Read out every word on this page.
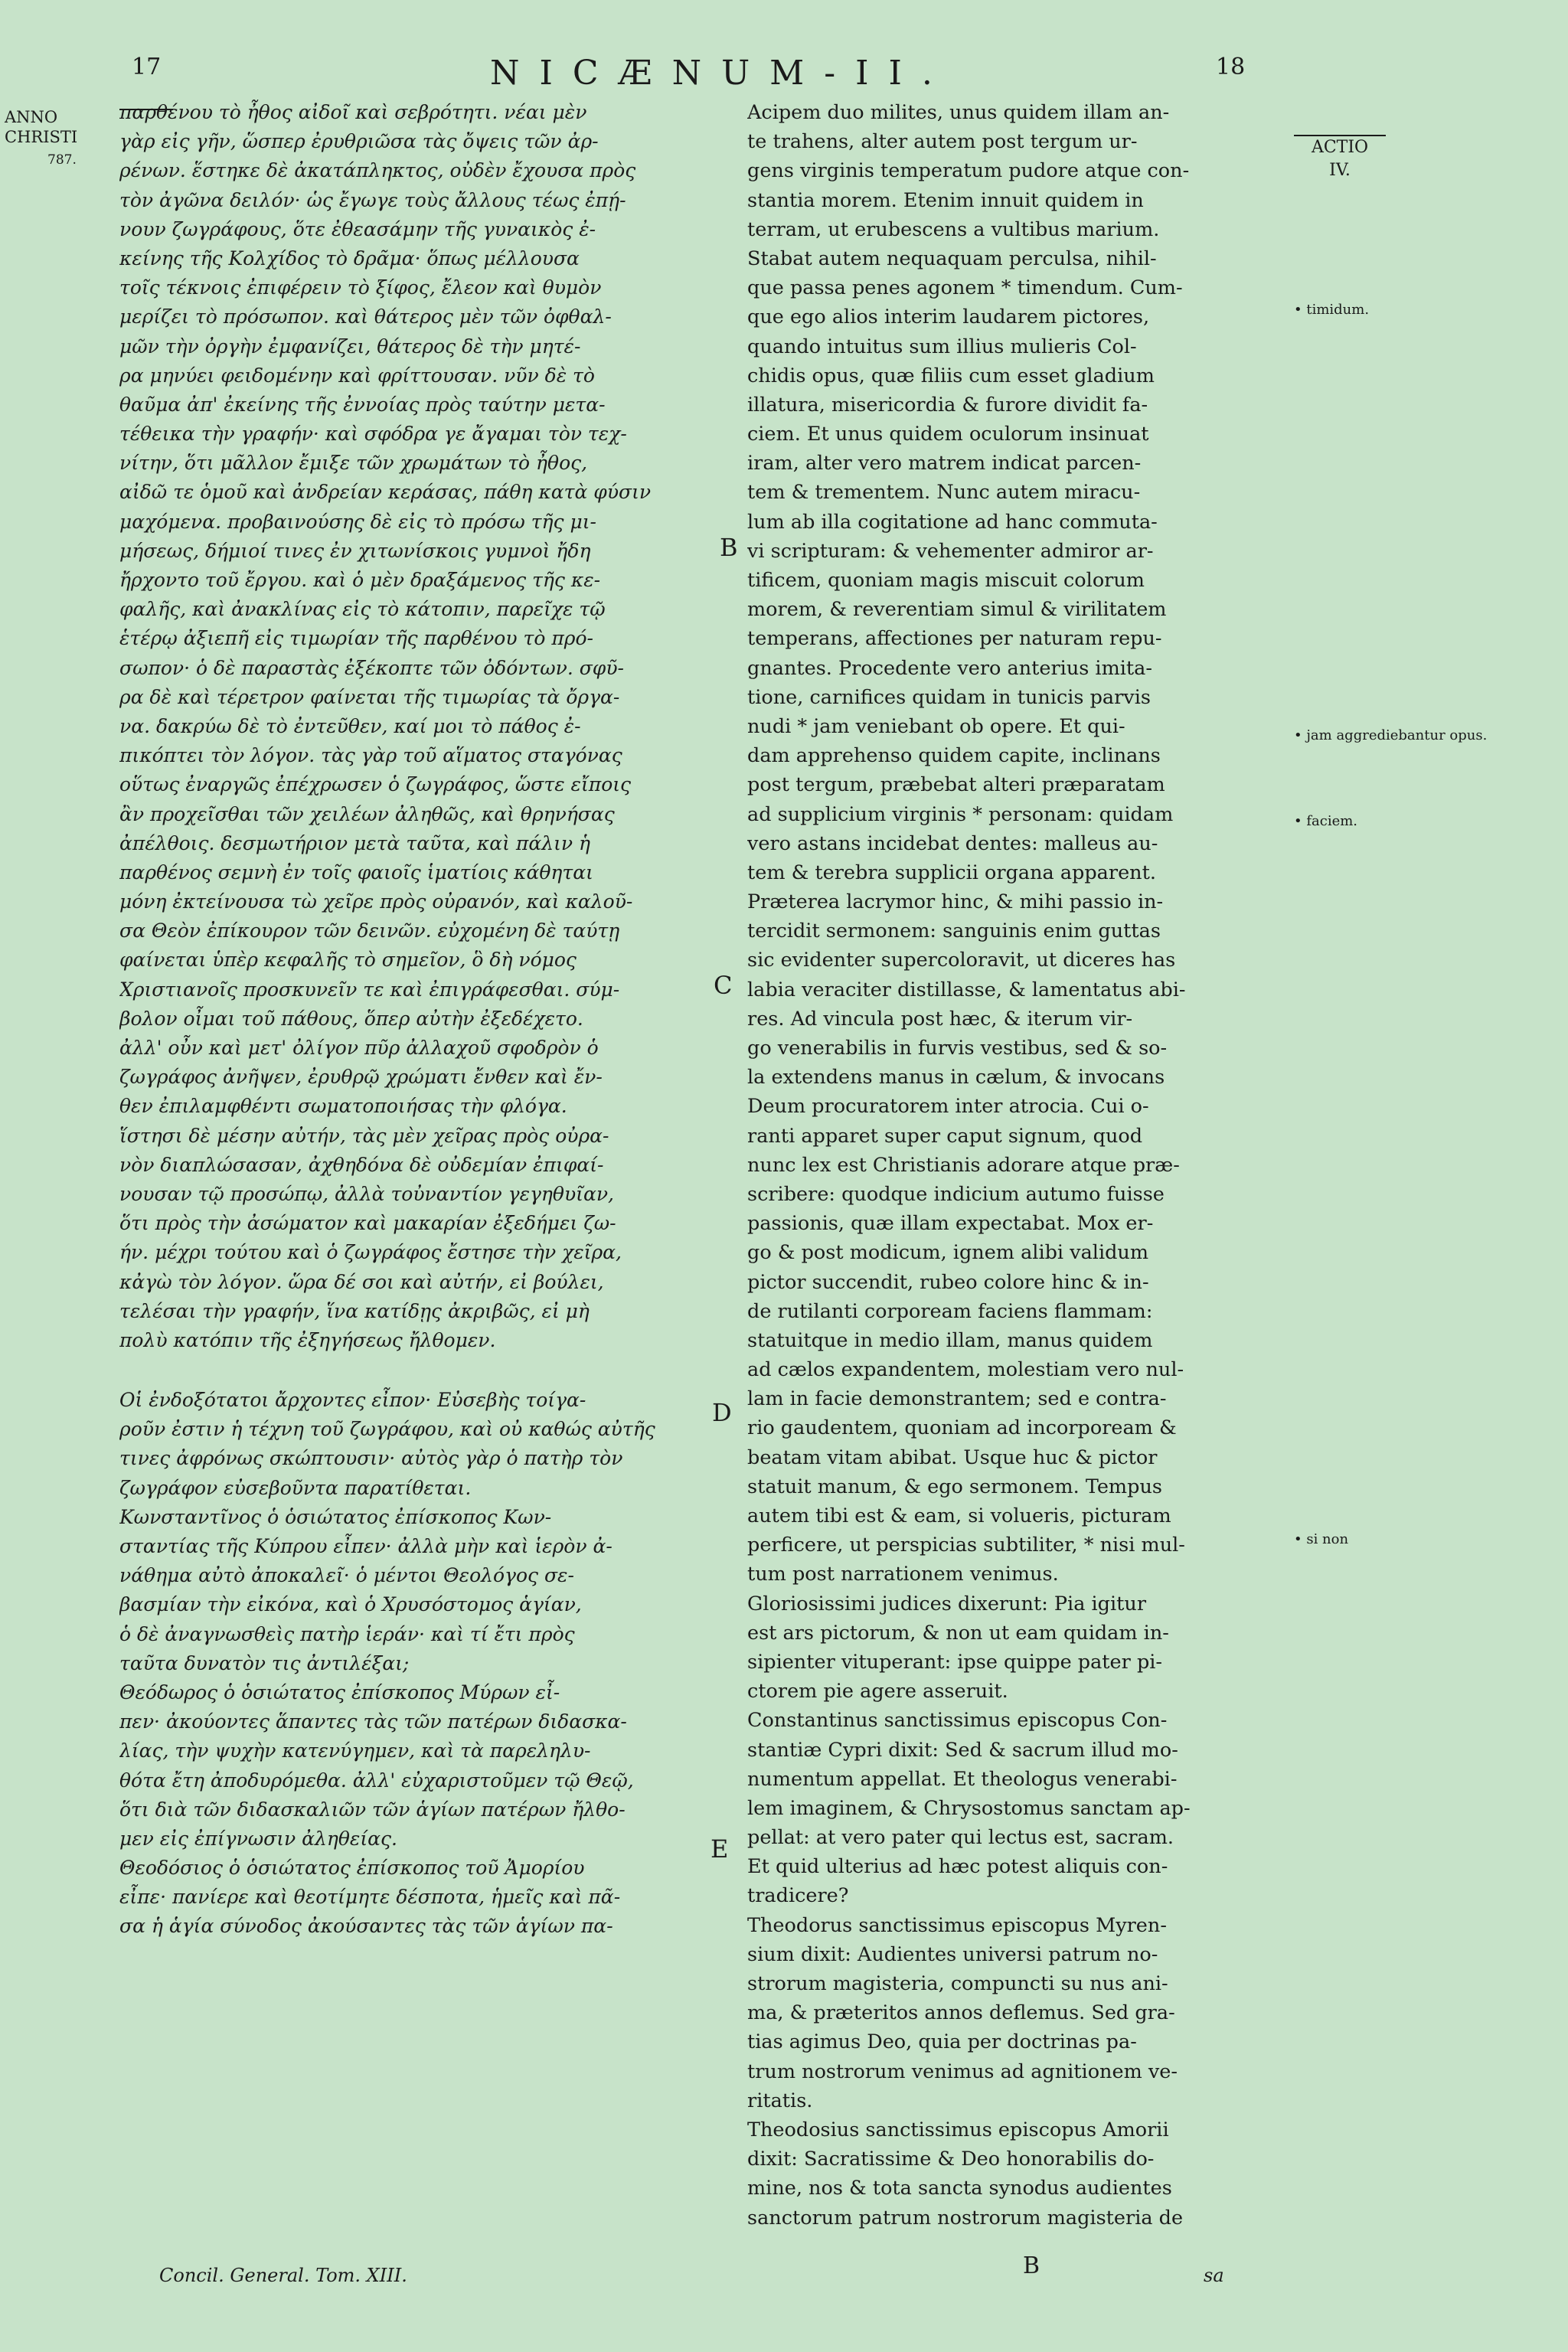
17	NICÆNUM-II.	18
ANNO
CHRISTI
787.
ACTIO
IV.
παρθένου τὸ ἦθος αἰδοῖ καὶ σεβρότητι. νέαι μὲν
γὰρ εἰς γῆν, ὥσπερ ἐρυθριῶσα τὰς ὄψεις τῶν ἀρ-
ρένων. ἕστηκε δὲ ἀκατάπληκτος, οὐδὲν ἔχουσα πρὸς
τὸν ἀγῶνα δειλόν· ὡς ἔγωγε τοὺς ἄλλους τέως ἐπῄ-
νουν ζωγράφους, ὅτε ἐθεασάμην τῆς γυναικὸς ἐ-
κείνης τῆς Κολχίδος τὸ δρᾶμα· ὅπως μέλλουσα
τοῖς τέκνοις ἐπιφέρειν τὸ ξίφος, ἔλεον καὶ θυμὸν
μερίζει τὸ πρόσωπον. καὶ θάτερος μὲν τῶν ὀφθαλ-
μῶν τὴν ὀργὴν ἐμφανίζει, θάτερος δὲ τὴν μητέ-
ρα μηνύει φειδομένην καὶ φρίττουσαν. νῦν δὲ τὸ
θαῦμα ἀπ' ἐκείνης τῆς ἐννοίας πρὸς ταύτην μετα-
τέθεικα τὴν γραφήν· καὶ σφόδρα γε ἄγαμαι τὸν τεχ-
νίτην, ὅτι μᾶλλον ἔμιξε τῶν χρωμάτων τὸ ἦθος,
αἰδῶ τε ὁμοῦ καὶ ἀνδρείαν κεράσας, πάθη κατὰ φύσιν
μαχόμενα. προβαινούσης δὲ εἰς τὸ πρόσω τῆς μι-
μήσεως, δήμιοί τινες ἐν χιτωνίσκοις γυμνοὶ ἤδη
ἤρχοντο τοῦ ἔργου. καὶ ὁ μὲν δραξάμενος τῆς κε-
φαλῆς, καὶ ἀνακλίνας εἰς τὸ κάτοπιν, παρεῖχε τῷ
ἑτέρῳ ἀξιεπῆ εἰς τιμωρίαν τῆς παρθένου τὸ πρό-
σωπον· ὁ δὲ παραστὰς ἐξέκοπτε τῶν ὀδόντων. σφῦ-
ρα δὲ καὶ τέρετρον φαίνεται τῆς τιμωρίας τὰ ὄργα-
να. δακρύω δὲ τὸ ἐντεῦθεν, καί μοι τὸ πάθος ἐ-
πικόπτει τὸν λόγον. τὰς γὰρ τοῦ αἵματος σταγόνας
οὕτως ἐναργῶς ἐπέχρωσεν ὁ ζωγράφος, ὥστε εἴποις
ἂν προχεῖσθαι τῶν χειλέων ἀληθῶς, καὶ θρηνήσας
ἀπέλθοις. δεσμωτήριον μετὰ ταῦτα, καὶ πάλιν ἡ
παρθένος σεμνὴ ἐν τοῖς φαιοῖς ἱματίοις κάθηται
μόνη ἐκτείνουσα τὼ χεῖρε πρὸς οὐρανόν, καὶ καλοῦ-
σα Θεὸν ἐπίκουρον τῶν δεινῶν. εὐχομένη δὲ ταύτῃ
φαίνεται ὑπὲρ κεφαλῆς τὸ σημεῖον, ὃ δὴ νόμος
Χριστιανοῖς προσκυνεῖν τε καὶ ἐπιγράφεσθαι. σύμ-
βολον οἶμαι τοῦ πάθους, ὅπερ αὐτὴν ἐξεδέχετο.
ἀλλ' οὖν καὶ μετ' ὀλίγον πῦρ ἀλλαχοῦ σφοδρὸν ὁ
ζωγράφος ἀνῆψεν, ἐρυθρῷ χρώματι ἔνθεν καὶ ἔν-
θεν ἐπιλαμφθέντι σωματοποιήσας τὴν φλόγα.
ἵστησι δὲ μέσην αὐτήν, τὰς μὲν χεῖρας πρὸς οὐρα-
νὸν διαπλώσασαν, ἀχθηδόνα δὲ οὐδεμίαν ἐπιφαί-
νουσαν τῷ προσώπῳ, ἀλλὰ τοὐναντίον γεγηθυῖαν,
ὅτι πρὸς τὴν ἀσώματον καὶ μακαρίαν ἐξεδήμει ζω-
ήν. μέχρι τούτου καὶ ὁ ζωγράφος ἔστησε τὴν χεῖρα,
κἀγὼ τὸν λόγον. ὥρα δέ σοι καὶ αὐτήν, εἰ βούλει,
τελέσαι τὴν γραφήν, ἵνα κατίδῃς ἀκριβῶς, εἰ μὴ
πολὺ κατόπιν τῆς ἐξηγήσεως ἤλθομεν.
Οἱ ἐνδοξότατοι ἄρχοντες εἶπον· Εὐσεβὴς τοίγα-
ροῦν ἐστιν ἡ τέχνη τοῦ ζωγράφου, καὶ οὐ καθώς αὐτῆς
τινες ἀφρόνως σκώπτουσιν· αὐτὸς γὰρ ὁ πατὴρ τὸν
ζωγράφον εὐσεβοῦντα παρατίθεται.
Κωνσταντῖνος ὁ ὁσιώτατος ἐπίσκοπος Κων-
σταντίας τῆς Κύπρου εἶπεν· ἀλλὰ μὴν καὶ ἱερὸν ἀ-
νάθημα αὐτὸ ἀποκαλεῖ· ὁ μέντοι Θεολόγος σε-
βασμίαν τὴν εἰκόνα, καὶ ὁ Χρυσόστομος ἁγίαν,
ὁ δὲ ἀναγνωσθεὶς πατὴρ ἱεράν· καὶ τί ἔτι πρὸς
ταῦτα δυνατὸν τις ἀντιλέξαι;
Θεόδωρος ὁ ὁσιώτατος ἐπίσκοπος Μύρων εἶ-
πεν· ἀκούοντες ἅπαντες τὰς τῶν πατέρων διδασκα-
λίας, τὴν ψυχὴν κατενύγημεν, καὶ τὰ παρεληλυ-
θότα ἔτη ἀποδυρόμεθα. ἀλλ' εὐχαριστοῦμεν τῷ Θεῷ,
ὅτι διὰ τῶν διδασκαλιῶν τῶν ἁγίων πατέρων ἤλθο-
μεν εἰς ἐπίγνωσιν ἀληθείας.
Θεοδόσιος ὁ ὁσιώτατος ἐπίσκοπος τοῦ Ἀμορίου
εἶπε· πανίερε καὶ θεοτίμητε δέσποτα, ἡμεῖς καὶ πᾶ-
σα ἡ ἁγία σύνοδος ἀκούσαντες τὰς τῶν ἁγίων πα-
Acipem duo milites, unus quidem illam an-
te trahens, alter autem post tergum ur-
gens virginis temperatum pudore atque con-
stantia morem. Etenim innuit quidem in
terram, ut erubescens a vultibus marium.
Stabat autem nequaquam perculsa, nihil-
que passa penes agonem * timendum. Cum-
que ego alios interim laudarem pictores,
quando intuitus sum illius mulieris Col-
chidis opus, quæ filiis cum esset gladium
illatura, misericordia & furore dividit fa-
ciem. Et unus quidem oculorum insinuat
iram, alter vero matrem indicat parcen-
tem & trementem. Nunc autem miracu-
lum ab illa cogitatione ad hanc commuta-
vi scripturam: & vehementer admiror ar-
tificem, quoniam magis miscuit colorum
morem, & reverentiam simul & virilitatem
temperans, affectiones per naturam repu-
gnantes. Procedente vero anterius imita-
tione, carnifices quidam in tunicis parvis
nudi * jam veniebant ob opere. Et qui-
dam apprehenso quidem capite, inclinans
post tergum, præbebat alteri præparatam
ad supplicium virginis * personam: quidam
vero astans incidebat dentes: malleus au-
tem & terebra supplicii organa apparent.
Præterea lacrymor hinc, & mihi passio in-
tercidit sermonem: sanguinis enim guttas
sic evidenter supercoloravit, ut diceres has
labia veraciter distillasse, & lamentatus abi-
res. Ad vincula post hæc, & iterum vir-
go venerabilis in furvis vestibus, sed & so-
la extendens manus in cælum, & invocans
Deum procuratorem inter atrocia. Cui o-
ranti apparet super caput signum, quod
nunc lex est Christianis adorare atque præ-
scribere: quodque indicium autumo fuisse
passionis, quæ illam expectabat. Mox er-
go & post modicum, ignem alibi validum
pictor succendit, rubeo colore hinc & in-
de rutilanti corpoream faciens flammam:
statuitque in medio illam, manus quidem
ad cælos expandentem, molestiam vero nul-
lam in facie demonstrantem; sed e contra-
rio gaudentem, quoniam ad incorpoream &
beatam vitam abibat. Usque huc & pictor
statuit manum, & ego sermonem. Tempus
autem tibi est & eam, si volueris, picturam
perficere, ut perspicias subtiliter, * nisi mul-
tum post narrationem venimus.
Gloriosissimi judices dixerunt: Pia igitur
est ars pictorum, & non ut eam quidam in-
sipienter vituperant: ipse quippe pater pi-
ctorem pie agere asseruit.
Constantinus sanctissimus episcopus Con-
stantiæ Cypri dixit: Sed & sacrum illud mo-
numentum appellat. Et theologus venerabi-
lem imaginem, & Chrysostomus sanctam ap-
pellat: at vero pater qui lectus est, sacram.
Et quid ulterius ad hæc potest aliquis con-
tradicere?
Theodorus sanctissimus episcopus Myren-
sium dixit: Audientes universi patrum no-
strorum magisteria, compuncti su nus ani-
ma, & præteritos annos deflemus. Sed gra-
tias agimus Deo, quia per doctrinas pa-
trum nostrorum venimus ad agnitionem ve-
ritatis.
Theodosius sanctissimus episcopus Amorii
dixit: Sacratissime & Deo honorabilis do-
mine, nos & tota sancta synodus audientes
sanctorum patrum nostrorum magisteria de
B
C
D
E
• timidum.
• jam aggrediebantur opus.
• faciem.
• si non
Concil. General. Tom. XIII.	B	sa
